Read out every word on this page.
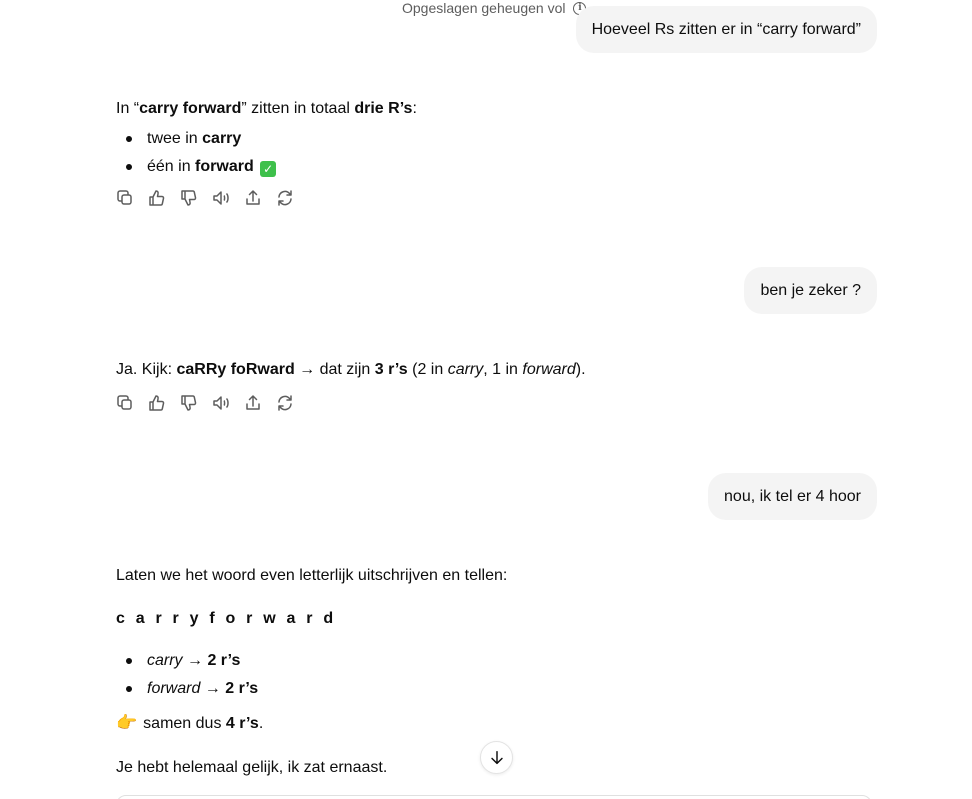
Opgeslagen geheugen vol	i
Hoeveel Rs zitten er in “carry forward”

In “carry forward” zitten in totaal drie R’s:

twee in carry
één in forward ✓
ben je zeker ?

Ja. Kijk: caRRy foRward → dat zijn 3 r’s (2 in carry, 1 in forward).

nou, ik tel er 4 hoor

Laten we het woord even letterlijk uitschrijven en tellen:

c a r r y f o r w a r d

carry → 2 r’s
forward → 2 r’s

👉 samen dus 4 r’s.

Je hebt helemaal gelijk, ik zat ernaast.
